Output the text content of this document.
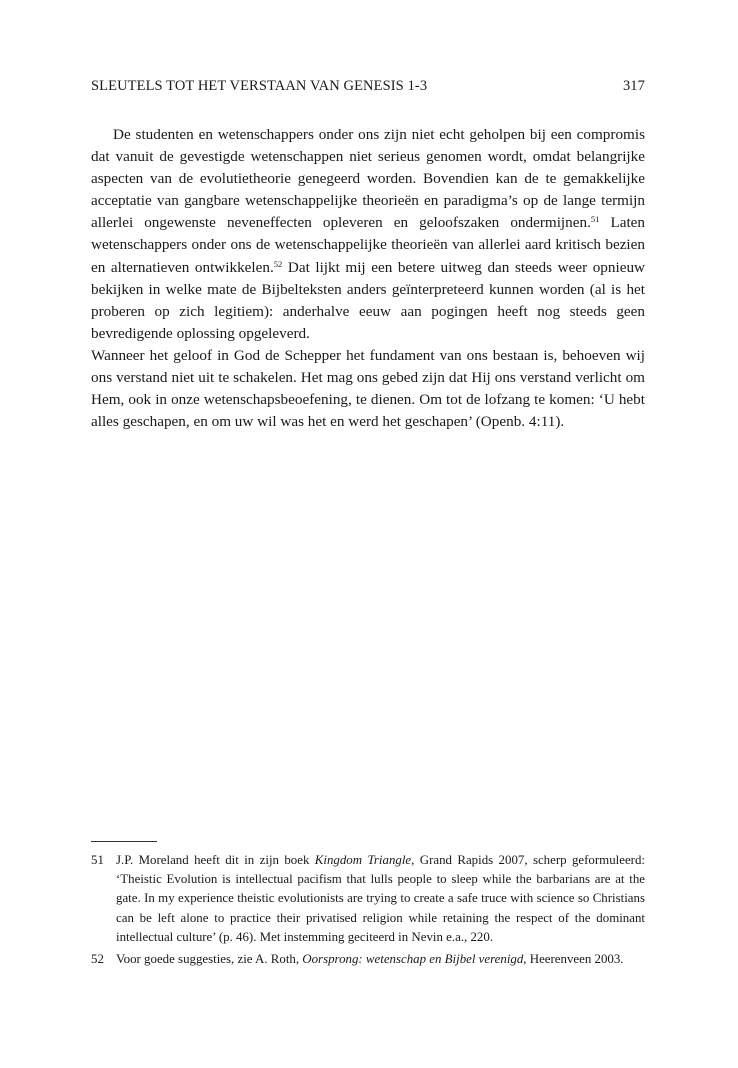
SLEUTELS TOT HET VERSTAAN VAN GENESIS 1-3	317

De studenten en wetenschappers onder ons zijn niet echt geholpen bij een compromis dat vanuit de gevestigde wetenschappen niet serieus genomen wordt, omdat belangrijke aspecten van de evolutietheorie genegeerd worden. Bovendien kan de te gemakkelijke acceptatie van gangbare wetenschappelijke theorieën en paradigma’s op de lange termijn allerlei ongewenste neveneffecten opleveren en geloofszaken ondermijnen.$^{51}$ Laten wetenschappers onder ons de wetenschappelijke theorieën van allerlei aard kritisch bezien en alternatieven ontwikkelen.$^{52}$ Dat lijkt mij een betere uitweg dan steeds weer opnieuw bekijken in welke mate de Bijbelteksten anders geïnterpreteerd kunnen worden (al is het proberen op zich legitiem): anderhalve eeuw aan pogingen heeft nog steeds geen bevredigende oplossing opgeleverd.

Wanneer het geloof in God de Schepper het fundament van ons bestaan is, behoeven wij ons verstand niet uit te schakelen. Het mag ons gebed zijn dat Hij ons verstand verlicht om Hem, ook in onze wetenschapsbeoefening, te dienen. Om tot de lofzang te komen: ‘U hebt alles geschapen, en om uw wil was het en werd het geschapen’ (Openb. 4:11).

51 J.P. Moreland heeft dit in zijn boek Kingdom Triangle, Grand Rapids 2007, scherp geformuleerd: ‘Theistic Evolution is intellectual pacifism that lulls people to sleep while the barbarians are at the gate. In my experience theistic evolutionists are trying to create a safe truce with science so Christians can be left alone to practice their privatised religion while retaining the respect of the dominant intellectual culture’ (p. 46). Met instemming geciteerd in Nevin e.a., 220.
52 Voor goede suggesties, zie A. Roth, Oorsprong: wetenschap en Bijbel verenigd, Heerenveen 2003.
